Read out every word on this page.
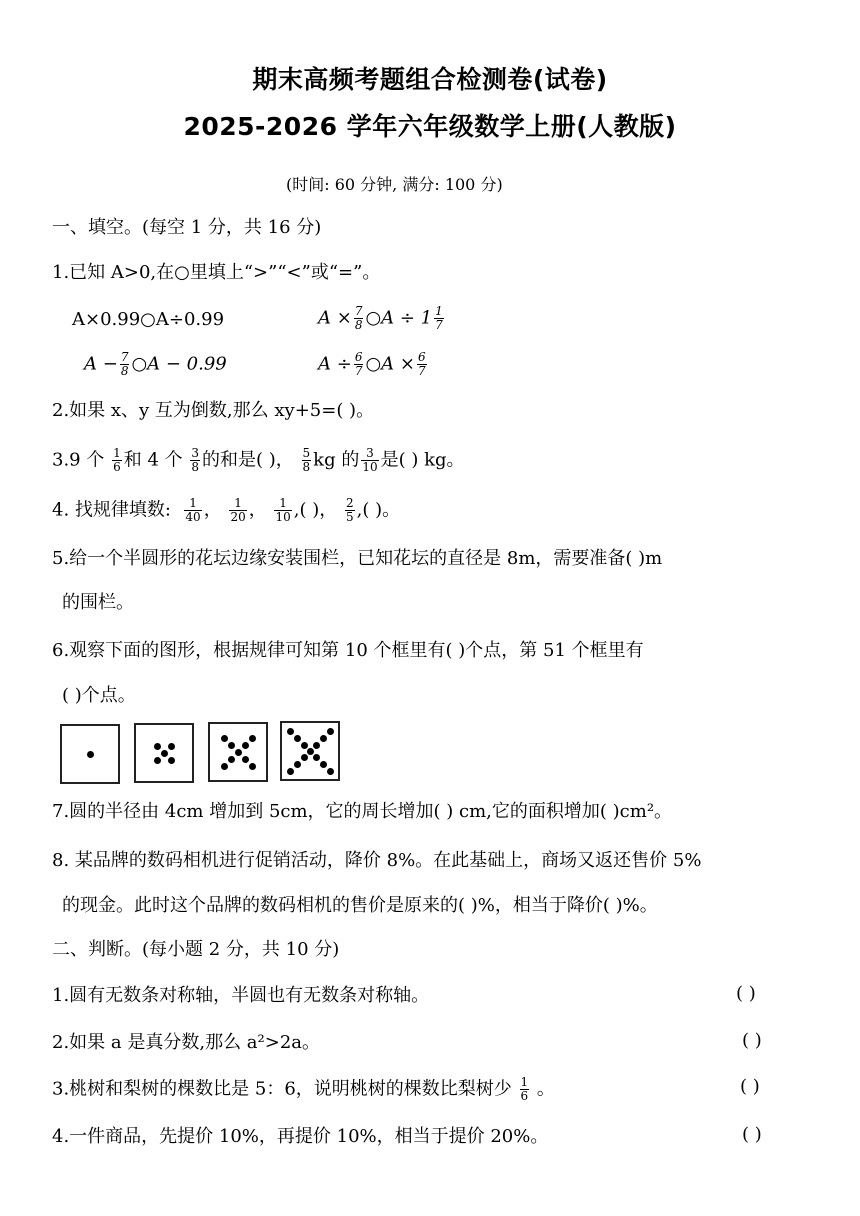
期末高频考题组合检测卷(试卷)
2025-2026 学年六年级数学上册(人教版)
(时间: 60 分钟, 满分: 100 分)
一、填空。(每空 1 分，共 16 分)
1.已知 A>0,在○里填上“>”“<”或“=”。
A×0.99○A÷0.99	$A \times \frac{7}{8}$ ○A ÷ $1 \frac{1}{7}$
$A - \frac{7}{8}$ ○A − 0.99	$A \div \frac{6}{7}$ ○A × $\frac{6}{7}$
2.如果 x、y 互为倒数,那么 xy+5=( )。
3.9 个 $\frac{1}{6}$ 和 4 个 $\frac{3}{8}$ 的和是( )， $\frac{5}{8}$ kg 的 $\frac{3}{10}$ 是( ) kg。
4. 找规律填数: $\frac{1}{40}$ ， $\frac{1}{20}$ ， $\frac{1}{10}$ ,( )， $\frac{2}{5}$ ,( )。
5.给一个半圆形的花坛边缘安装围栏，已知花坛的直径是 8m，需要准备( )m
的围栏。
6.观察下面的图形，根据规律可知第 10 个框里有( )个点，第 51 个框里有
( )个点。
7.圆的半径由 4cm 增加到 5cm，它的周长增加( ) cm,它的面积增加( )cm²。
8. 某品牌的数码相机进行促销活动，降价 8%。在此基础上，商场又返还售价 5%
的现金。此时这个品牌的数码相机的售价是原来的( )%，相当于降价( )%。
二、判断。(每小题 2 分，共 10 分)
1.圆有无数条对称轴，半圆也有无数条对称轴。	( )
2.如果 a 是真分数,那么 a²>2a。	( )
3.桃树和梨树的棵数比是 5：6，说明桃树的棵数比梨树少 $\frac{1}{6}$ 。	( )
4.一件商品，先提价 10%，再提价 10%，相当于提价 20%。	( )
